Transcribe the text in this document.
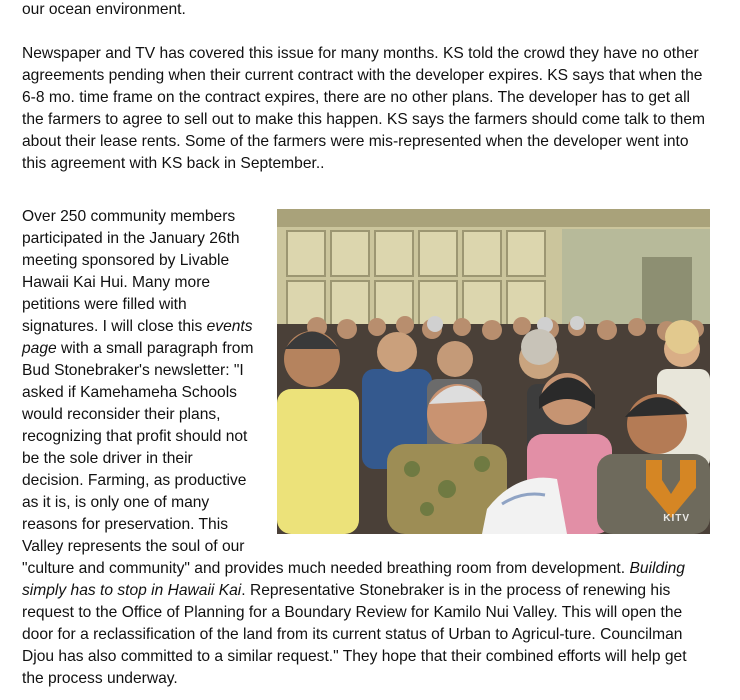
our ocean environment.

Newspaper and TV has covered this issue for many months. KS told the crowd they have no other
agreements pending when their current contract with the developer expires. KS says that when the
6-8 mo. time frame on the contract expires, there are no other plans. The developer has to get all
the farmers to agree to sell out to make this happen. KS says the farmers should come talk to them
about their lease rents. Some of the farmers were mis-represented when the developer went into
this agreement with KS back in September..

Over 250 community members
participated in the January 26th
meeting sponsored by Livable
Hawaii Kai Hui. Many more
petitions were filled with
signatures. I will close this events
page with a small paragraph from
Bud Stonebraker's newsletter: "I
asked if Kamehameha Schools
would reconsider their plans,
recognizing that profit should not
be the sole driver in their
decision. Farming, as productive
as it is, is only one of many
reasons for preservation. This
Valley represents the soul of our
"culture and community" and provides much needed breathing room from development. Building
simply has to stop in Hawaii Kai. Representative Stonebraker is in the process of renewing his
request to the Office of Planning for a Boundary Review for Kamilo Nui Valley. This will open the
door for a reclassification of the land from its current status of Urban to Agricul-ture. Councilman
Djou has also committed to a similar request." They hope that their combined efforts will help get
the process underway.

KITV
